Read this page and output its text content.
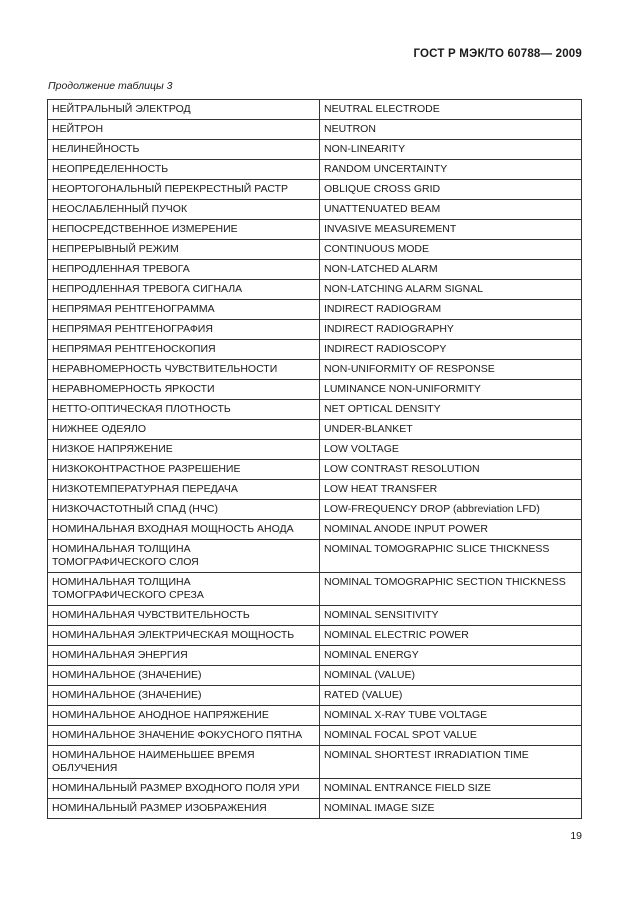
ГОСТ Р МЭК/ТО 60788— 2009
Продолжение таблицы 3
НЕЙТРАЛЬНЫЙ ЭЛЕКТРОД	NEUTRAL ELECTRODE
НЕЙТРОН	NEUTRON
НЕЛИНЕЙНОСТЬ	NON-LINEARITY
НЕОПРЕДЕЛЕННОСТЬ	RANDOM UNCERTAINTY
НЕОРТОГОНАЛЬНЫЙ ПЕРЕКРЕСТНЫЙ РАСТР	OBLIQUE CROSS GRID
НЕОСЛАБЛЕННЫЙ ПУЧОК	UNATTENUATED BEAM
НЕПОСРЕДСТВЕННОЕ ИЗМЕРЕНИЕ	INVASIVE MEASUREMENT
НЕПРЕРЫВНЫЙ РЕЖИМ	CONTINUOUS MODE
НЕПРОДЛЕННАЯ ТРЕВОГА	NON-LATCHED ALARM
НЕПРОДЛЕННАЯ ТРЕВОГА СИГНАЛА	NON-LATCHING ALARM SIGNAL
НЕПРЯМАЯ РЕНТГЕНОГРАММА	INDIRECT RADIOGRAM
НЕПРЯМАЯ РЕНТГЕНОГРАФИЯ	INDIRECT RADIOGRAPHY
НЕПРЯМАЯ РЕНТГЕНОСКОПИЯ	INDIRECT RADIOSCOPY
НЕРАВНОМЕРНОСТЬ ЧУВСТВИТЕЛЬНОСТИ	NON-UNIFORMITY OF RESPONSE
НЕРАВНОМЕРНОСТЬ ЯРКОСТИ	LUMINANCE NON-UNIFORMITY
НЕТТО-ОПТИЧЕСКАЯ ПЛОТНОСТЬ	NET OPTICAL DENSITY
НИЖНЕЕ ОДЕЯЛО	UNDER-BLANKET
НИЗКОЕ НАПРЯЖЕНИЕ	LOW VOLTAGE
НИЗКОКОНТРАСТНОЕ РАЗРЕШЕНИЕ	LOW CONTRAST RESOLUTION
НИЗКОТЕМПЕРАТУРНАЯ ПЕРЕДАЧА	LOW HEAT TRANSFER
НИЗКОЧАСТОТНЫЙ СПАД (НЧС)	LOW-FREQUENCY DROP (abbreviation LFD)
НОМИНАЛЬНАЯ ВХОДНАЯ МОЩНОСТЬ АНОДА	NOMINAL ANODE INPUT POWER
НОМИНАЛЬНАЯ ТОЛЩИНА
ТОМОГРАФИЧЕСКОГО СЛОЯ	NOMINAL TOMOGRAPHIC SLICE THICKNESS
НОМИНАЛЬНАЯ ТОЛЩИНА
ТОМОГРАФИЧЕСКОГО СРЕЗА	NOMINAL TOMOGRAPHIC SECTION THICKNESS
НОМИНАЛЬНАЯ ЧУВСТВИТЕЛЬНОСТЬ	NOMINAL SENSITIVITY
НОМИНАЛЬНАЯ ЭЛЕКТРИЧЕСКАЯ МОЩНОСТЬ	NOMINAL ELECTRIC POWER
НОМИНАЛЬНАЯ ЭНЕРГИЯ	NOMINAL ENERGY
НОМИНАЛЬНОЕ (ЗНАЧЕНИЕ)	NOMINAL (VALUE)
НОМИНАЛЬНОЕ (ЗНАЧЕНИЕ)	RATED (VALUE)
НОМИНАЛЬНОЕ АНОДНОЕ НАПРЯЖЕНИЕ	NOMINAL X-RAY TUBE VOLTAGE
НОМИНАЛЬНОЕ ЗНАЧЕНИЕ ФОКУСНОГО ПЯТНА	NOMINAL FOCAL SPOT VALUE
НОМИНАЛЬНОЕ НАИМЕНЬШЕЕ ВРЕМЯ
ОБЛУЧЕНИЯ	NOMINAL SHORTEST IRRADIATION TIME
НОМИНАЛЬНЫЙ РАЗМЕР ВХОДНОГО ПОЛЯ УРИ	NOMINAL ENTRANCE FIELD SIZE
НОМИНАЛЬНЫЙ РАЗМЕР ИЗОБРАЖЕНИЯ	NOMINAL IMAGE SIZE
19
